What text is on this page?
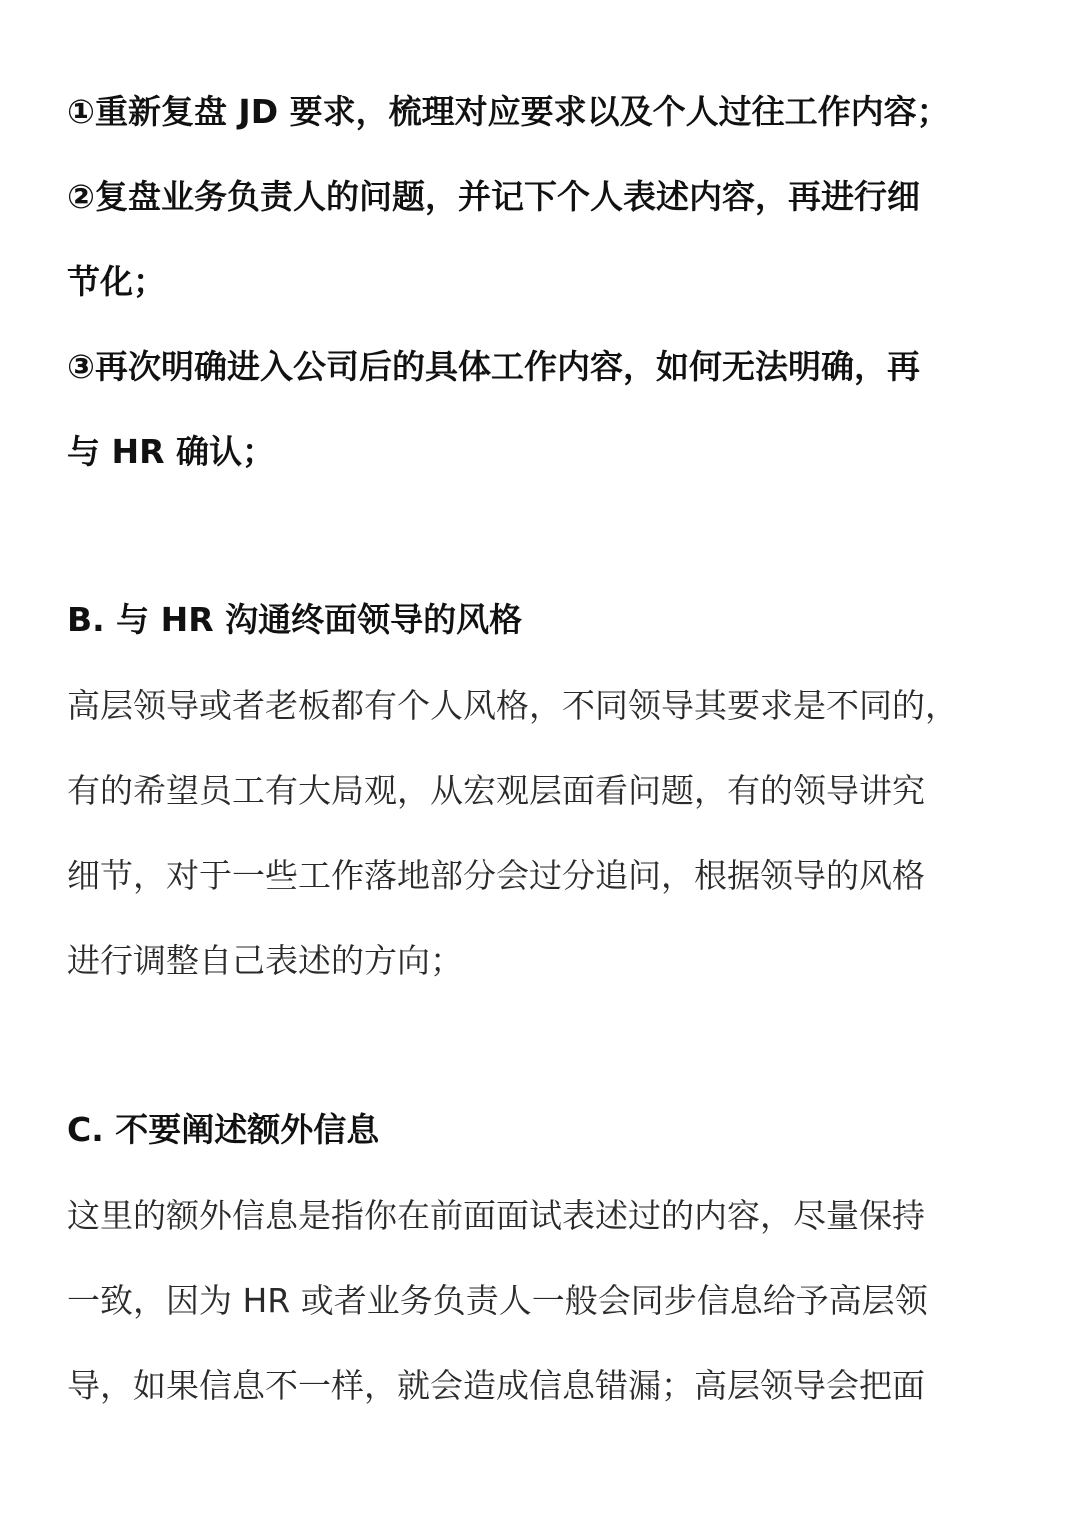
①重新复盘 JD 要求，梳理对应要求以及个人过往工作内容；
②复盘业务负责人的问题，并记下个人表述内容，再进行细
节化；
③再次明确进入公司后的具体工作内容，如何无法明确，再
与 HR 确认；
B. 与 HR 沟通终面领导的风格
高层领导或者老板都有个人风格，不同领导其要求是不同的，
有的希望员工有大局观，从宏观层面看问题，有的领导讲究
细节，对于一些工作落地部分会过分追问，根据领导的风格
进行调整自己表述的方向；
C. 不要阐述额外信息
这里的额外信息是指你在前面面试表述过的内容，尽量保持
一致，因为 HR 或者业务负责人一般会同步信息给予高层领
导，如果信息不一样，就会造成信息错漏；高层领导会把面
